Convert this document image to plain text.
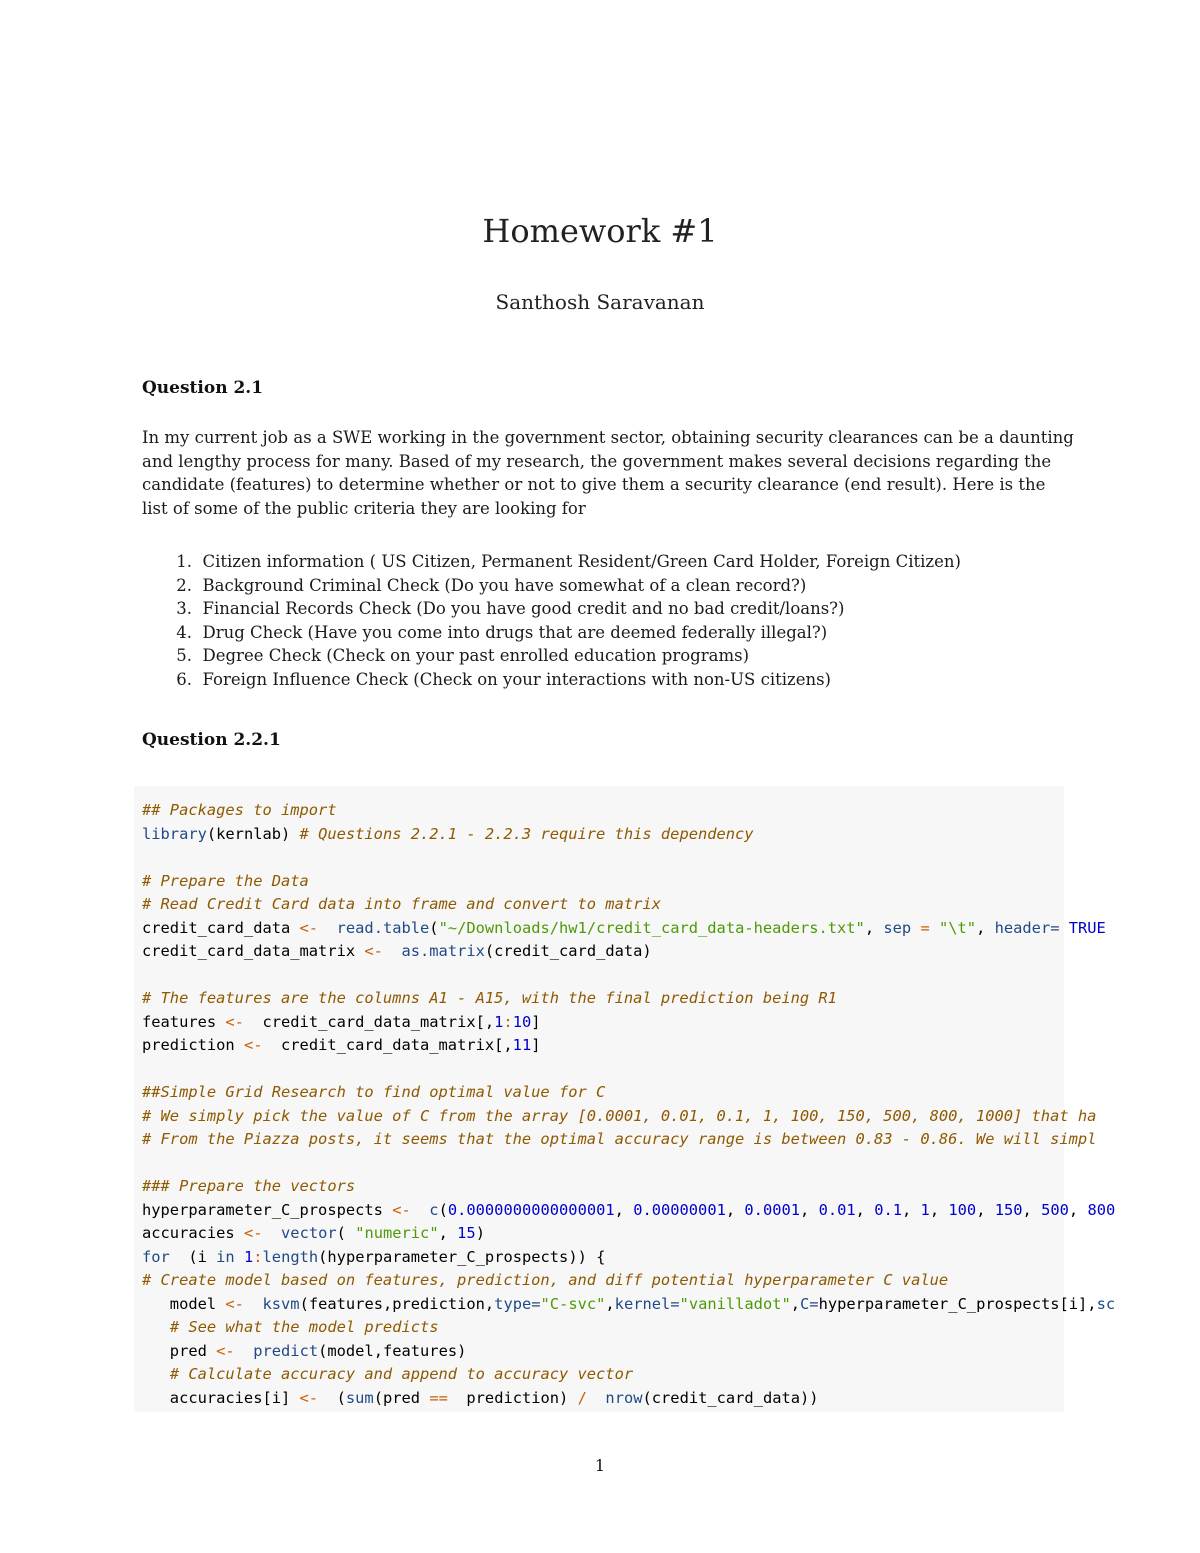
Homework #1
Santhosh Saravanan
Question 2.1
In my current job as a SWE working in the government sector, obtaining security clearances can be a daunting
and lengthy process for many. Based of my research, the government makes several decisions regarding the
candidate (features) to determine whether or not to give them a security clearance (end result). Here is the
list of some of the public criteria they are looking for
1.
Citizen information ( US Citizen, Permanent Resident/Green Card Holder, Foreign Citizen)
2.
Background Criminal Check (Do you have somewhat of a clean record?)
3.
Financial Records Check (Do you have good credit and no bad credit/loans?)
4.
Drug Check (Have you come into drugs that are deemed federally illegal?)
5.
Degree Check (Check on your past enrolled education programs)
6.
Foreign Influence Check (Check on your interactions with non-US citizens)
Question 2.2.1
## Packages to import
library(kernlab) # Questions 2.2.1 - 2.2.3 require this dependency
# Prepare the Data
# Read Credit Card data into frame and convert to matrix
credit_card_data <- read.table("~/Downloads/hw1/credit_card_data-headers.txt", sep = "\t", header= TRUE
credit_card_data_matrix <- as.matrix(credit_card_data)
# The features are the columns A1 - A15, with the final prediction being R1
features <-  credit_card_data_matrix[,1:10]
prediction <-  credit_card_data_matrix[,11]
##Simple Grid Research to find optimal value for C
# We simply pick the value of C from the array [0.0001, 0.01, 0.1, 1, 100, 150, 500, 800, 1000] that ha
# From the Piazza posts, it seems that the optimal accuracy range is between 0.83 - 0.86. We will simpl
### Prepare the vectors
hyperparameter_C_prospects <- c(0.0000000000000001, 0.00000001, 0.0001, 0.01, 0.1, 1, 100, 150, 500, 800
accuracies <- vector( "numeric", 15)
for  (i in 1:length(hyperparameter_C_prospects)) {
# Create model based on features, prediction, and diff potential hyperparameter C value
model <- ksvm(features,prediction,type="C-svc",kernel="vanilladot",C=hyperparameter_C_prospects[i],sc
# See what the model predicts
pred <- predict(model,features)
# Calculate accuracy and append to accuracy vector
accuracies[i] <-  (sum(pred ==  prediction) / nrow(credit_card_data))
1
